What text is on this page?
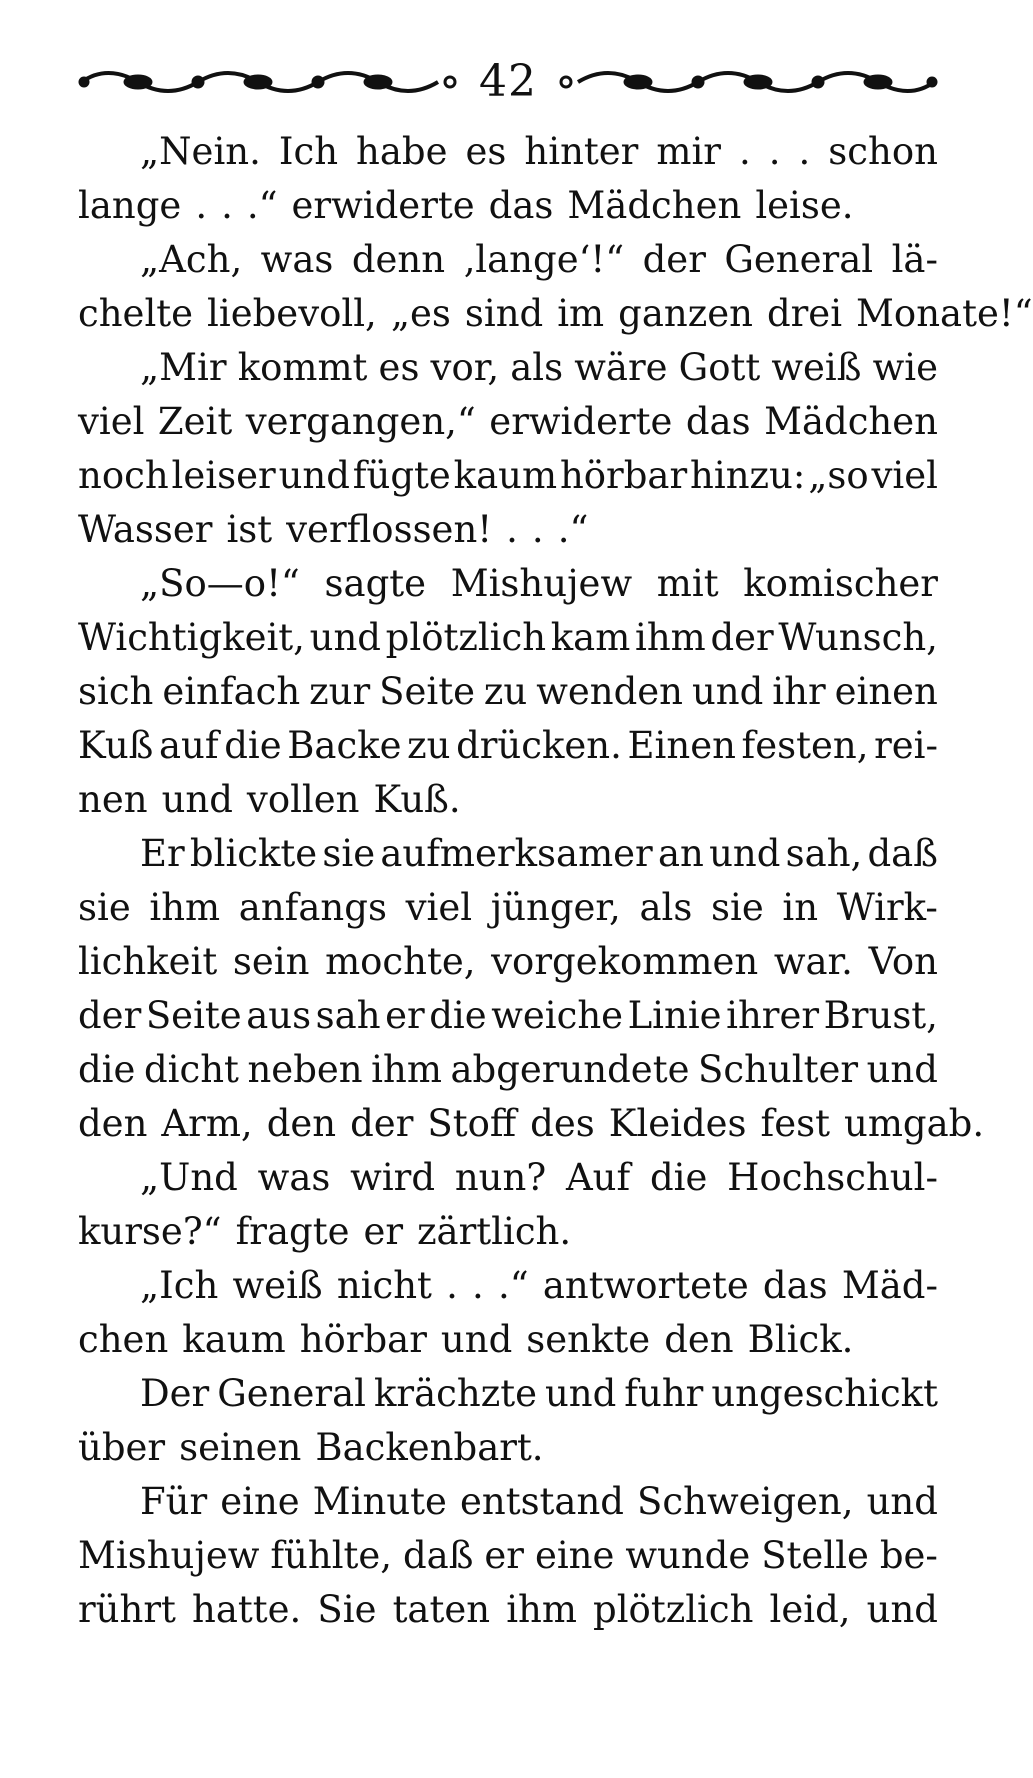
42
„Nein. Ich habe es hinter mir . . . schon
lange . . .“ erwiderte das Mädchen leise.
„Ach, was denn ‚lange‘!“ der General lä-
chelte liebevoll, „es sind im ganzen drei Monate!“
„Mir kommt es vor, als wäre Gott weiß wie
viel Zeit vergangen,“ erwiderte das Mädchen
noch leiser und fügte kaum hörbar hinzu: „so viel
Wasser ist verflossen! . . .“
„So—o!“ sagte Mishujew mit komischer
Wichtigkeit, und plötzlich kam ihm der Wunsch,
sich einfach zur Seite zu wenden und ihr einen
Kuß auf die Backe zu drücken. Einen festen, rei-
nen und vollen Kuß.
Er blickte sie aufmerksamer an und sah, daß
sie ihm anfangs viel jünger, als sie in Wirk-
lichkeit sein mochte, vorgekommen war. Von
der Seite aus sah er die weiche Linie ihrer Brust,
die dicht neben ihm abgerundete Schulter und
den Arm, den der Stoff des Kleides fest umgab.
„Und was wird nun? Auf die Hochschul-
kurse?“ fragte er zärtlich.
„Ich weiß nicht . . .“ antwortete das Mäd-
chen kaum hörbar und senkte den Blick.
Der General krächzte und fuhr ungeschickt
über seinen Backenbart.
Für eine Minute entstand Schweigen, und
Mishujew fühlte, daß er eine wunde Stelle be-
rührt hatte. Sie taten ihm plötzlich leid, und
